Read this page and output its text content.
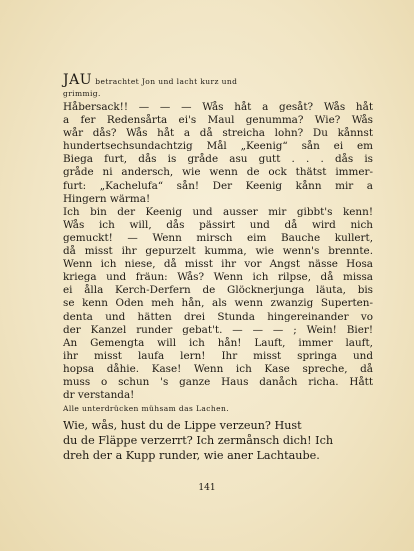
JAU betrachtet Jon und lacht kurz und

grimmig.

Håbersack!! — — — Wås håt a gesåt? Wås håt

a fer Redensårta ei's Maul genumma? Wie? Wås

wår dås? Wås håt a då streicha lohn? Du kånnst

hundertsechsundachtzig Mål „Keenig“ sån ei em

Biega furt, dås is gråde asu gutt . . . dås is

gråde ni andersch, wie wenn de ock thätst immer-

furt: „Kachelufa“ sån! Der Keenig kånn mir a

Hingern wärma!

Ich bin der Keenig und ausser mir gibbt's kenn!

Wås ich will, dås pässirt und då wird nich

gemuckt! — Wenn mirsch eim Bauche kullert,

då misst ihr gepurzelt kumma, wie wenn's brennte.

Wenn ich niese, då misst ihr vor Angst nässe Hosa

kriega und fräun: Wås? Wenn ich rilpse, då missa

ei ålla Kerch-Derfern de Glöcknerjunga läuta, bis

se kenn Oden meh hån, als wenn zwanzig Superten-

denta und hätten drei Stunda hingereinander vo

der Kanzel runder gebat't. — — — ; Wein! Bier!

An Gemengta will ich hån! Lauft, immer lauft,

ihr misst laufa lern! Ihr misst springa und

hopsa dåhie. Kase! Wenn ich Kase spreche, då

muss o schun 's ganze Haus danåch richa. Hått

dr verstanda!

Alle unterdrücken mühsam das Lachen.

Wie, wås, hust du de Lippe verzeun? Hust

du de Fläppe verzerrt? Ich zermånsch dich! Ich

dreh der a Kupp runder, wie aner Lachtaube.

141
